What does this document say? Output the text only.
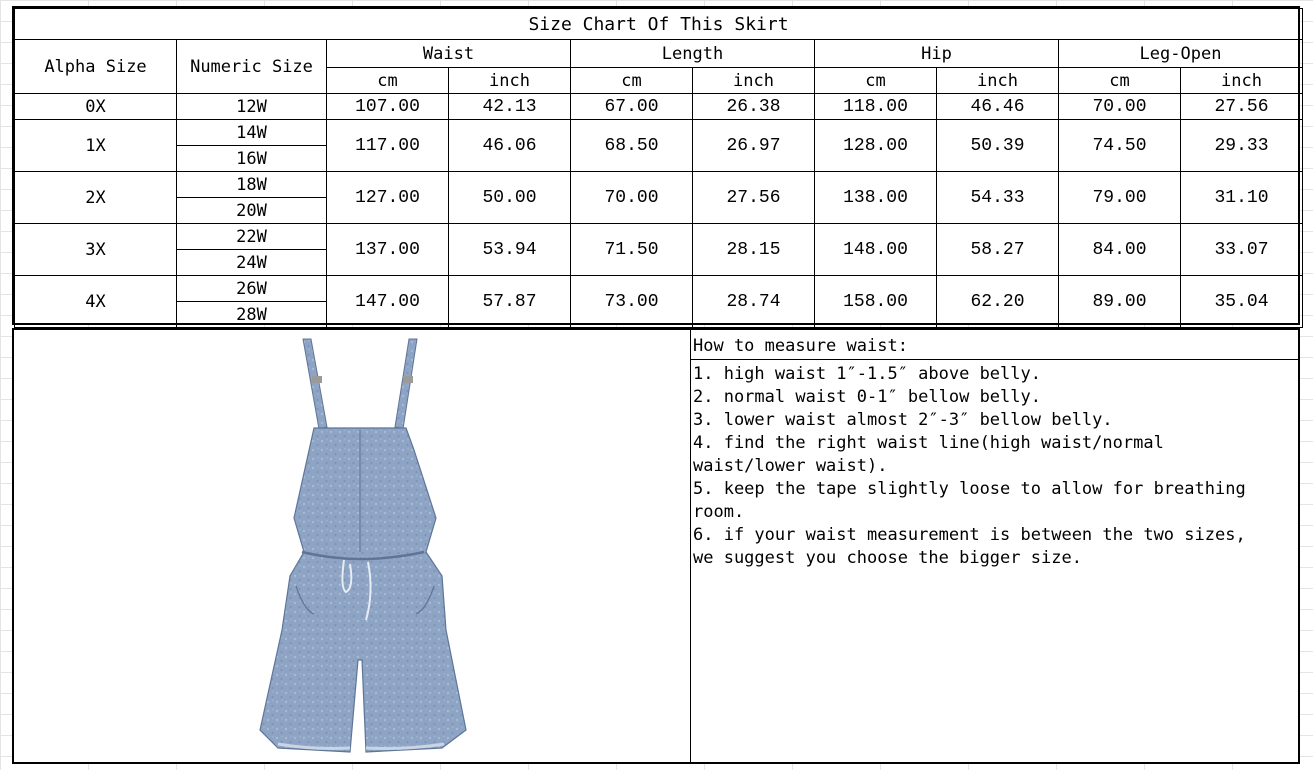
Size Chart Of This Skirt									
Alpha Size	Numeric Size	Waist		Length		Hip		Leg-Open	
		cm	inch	cm	inch	cm	inch	cm	inch
0X	12W	107.00	42.13	67.00	26.38	118.00	46.46	70.00	27.56
1X	14W	117.00	46.06	68.50	26.97	128.00	50.39	74.50	29.33
	16W								
2X	18W	127.00	50.00	70.00	27.56	138.00	54.33	79.00	31.10
	20W								
3X	22W	137.00	53.94	71.50	28.15	148.00	58.27	84.00	33.07
	24W								
4X	26W	147.00	57.87	73.00	28.74	158.00	62.20	89.00	35.04
	28W								
How to measure waist:

1. high waist 1″-1.5″ above belly.

2. normal waist 0-1″ bellow belly.

3. lower waist almost 2″-3″ bellow belly.

4. find the right waist line(high waist/normal

waist/lower waist).

5. keep the tape slightly loose to allow for breathing

room.

6. if your waist measurement is between the two sizes,

we suggest you choose the bigger size.
